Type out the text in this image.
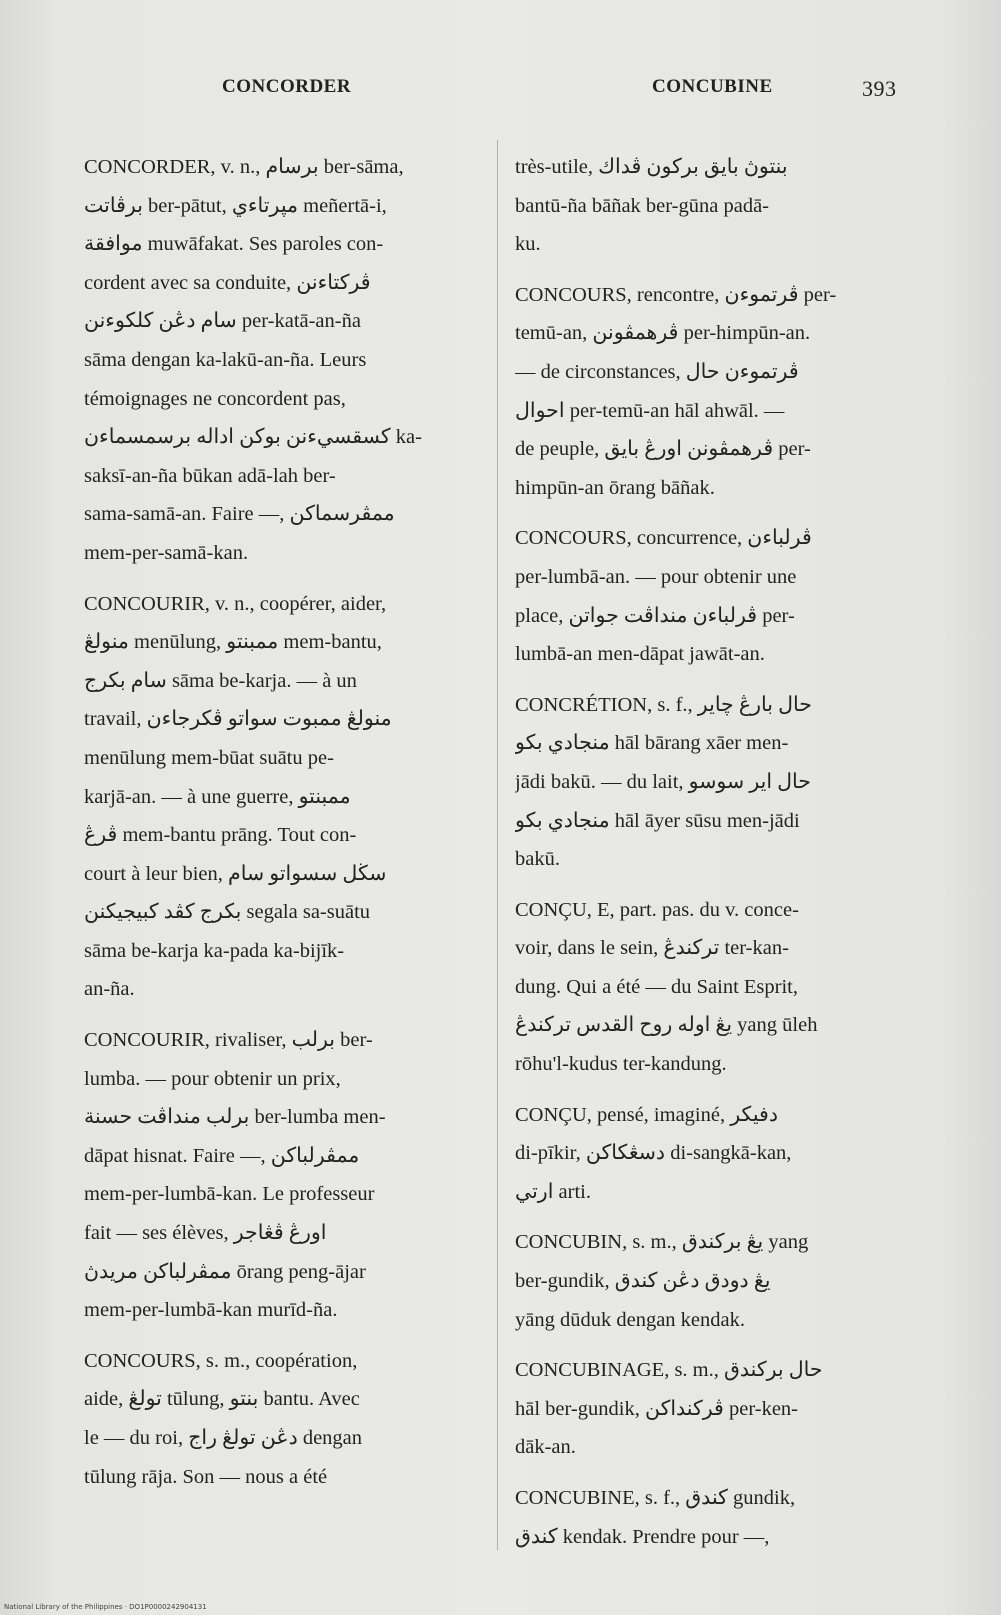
CONCORDER	CONCUBINE	393
CONCORDER, v. n., برسام ber-sāma,
برڤاتت ber-pātut, مپرتاءي meñertā-i,
موافقة muwāfakat. Ses paroles con-
cordent avec sa conduite, ڤركتاءنن
سام دڠن كلكوءنن per-katā-an-ña
sāma dengan ka-lakū-an-ña. Leurs
témoignages ne concordent pas,
كسقسيءنن بوكن اداله برسمسماءن ka-
saksī-an-ña būkan adā-lah ber-
sama-samā-an. Faire —, ممڤرسماكن
mem-per-samā-kan.
CONCOURIR, v. n., coopérer, aider,
منولڠ menūlung, ممبنتو mem-bantu,
سام بكرج sāma be-karja. — à un
travail, منولڠ ممبوت سواتو ڤكرجاءن
menūlung mem-būat suātu pe-
karjā-an. — à une guerre, ممبنتو
ڤرڠ mem-bantu prāng. Tout con-
court à leur bien, سڬل سسواتو سام
بكرج كڤد كبيجيكنن segala sa-suātu
sāma be-karja ka-pada ka-bijīk-
an-ña.
CONCOURIR, rivaliser, برلب ber-
lumba. — pour obtenir un prix,
برلب منداڤت حسنة ber-lumba men-
dāpat hisnat. Faire —, ممڤرلباكن
mem-per-lumbā-kan. Le professeur
fait — ses élèves, اورڠ ڤڠاجر
ممڤرلباكن مريدڽ ōrang peng-ājar
mem-per-lumbā-kan murīd-ña.
CONCOURS, s. m., coopération,
aide, تولڠ tūlung, بنتو bantu. Avec
le — du roi, دڠن تولڠ راج dengan
tūlung rāja. Son — nous a été
très-utile, بنتوڽ بايق بركون ڤداك
bantū-ña bāñak ber-gūna padā-
ku.
CONCOURS, rencontre, ڤرتموءن per-
temū-an, ڤرهمڤونن per-himpūn-an.
— de circonstances, ڤرتموءن حال
احوال per-temū-an hāl ahwāl. —
de peuple, ڤرهمڤونن اورڠ بايق per-
himpūn-an ōrang bāñak.
CONCOURS, concurrence, ڤرلباءن
per-lumbā-an. — pour obtenir une
place, ڤرلباءن منداڤت جواتن per-
lumbā-an men-dāpat jawāt-an.
CONCRÉTION, s. f., حال بارڠ چاير
منجادي بكو hāl bārang xāer men-
jādi bakū. — du lait, حال اير سوسو
منجادي بكو hāl āyer sūsu men-jādi
bakū.
CONÇU, E, part. pas. du v. conce-
voir, dans le sein, تركندڠ ter-kan-
dung. Qui a été — du Saint Esprit,
يڠ اوله روح القدس تركندڠ yang ūleh
rōhu'l-kudus ter-kandung.
CONÇU, pensé, imaginé, دفيكر
di-pīkir, دسڠكاكن di-sangkā-kan,
ارتي arti.
CONCUBIN, s. m., يڠ بركندق yang
ber-gundik, يڠ دودق دڠن كندق
yāng dūduk dengan kendak.
CONCUBINAGE, s. m., حال بركندق
hāl ber-gundik, ڤركنداكن per-ken-
dāk-an.
CONCUBINE, s. f., كندق gundik,
كندق kendak. Prendre pour —,
National Library of the Philippines · DO1P0000242904131
